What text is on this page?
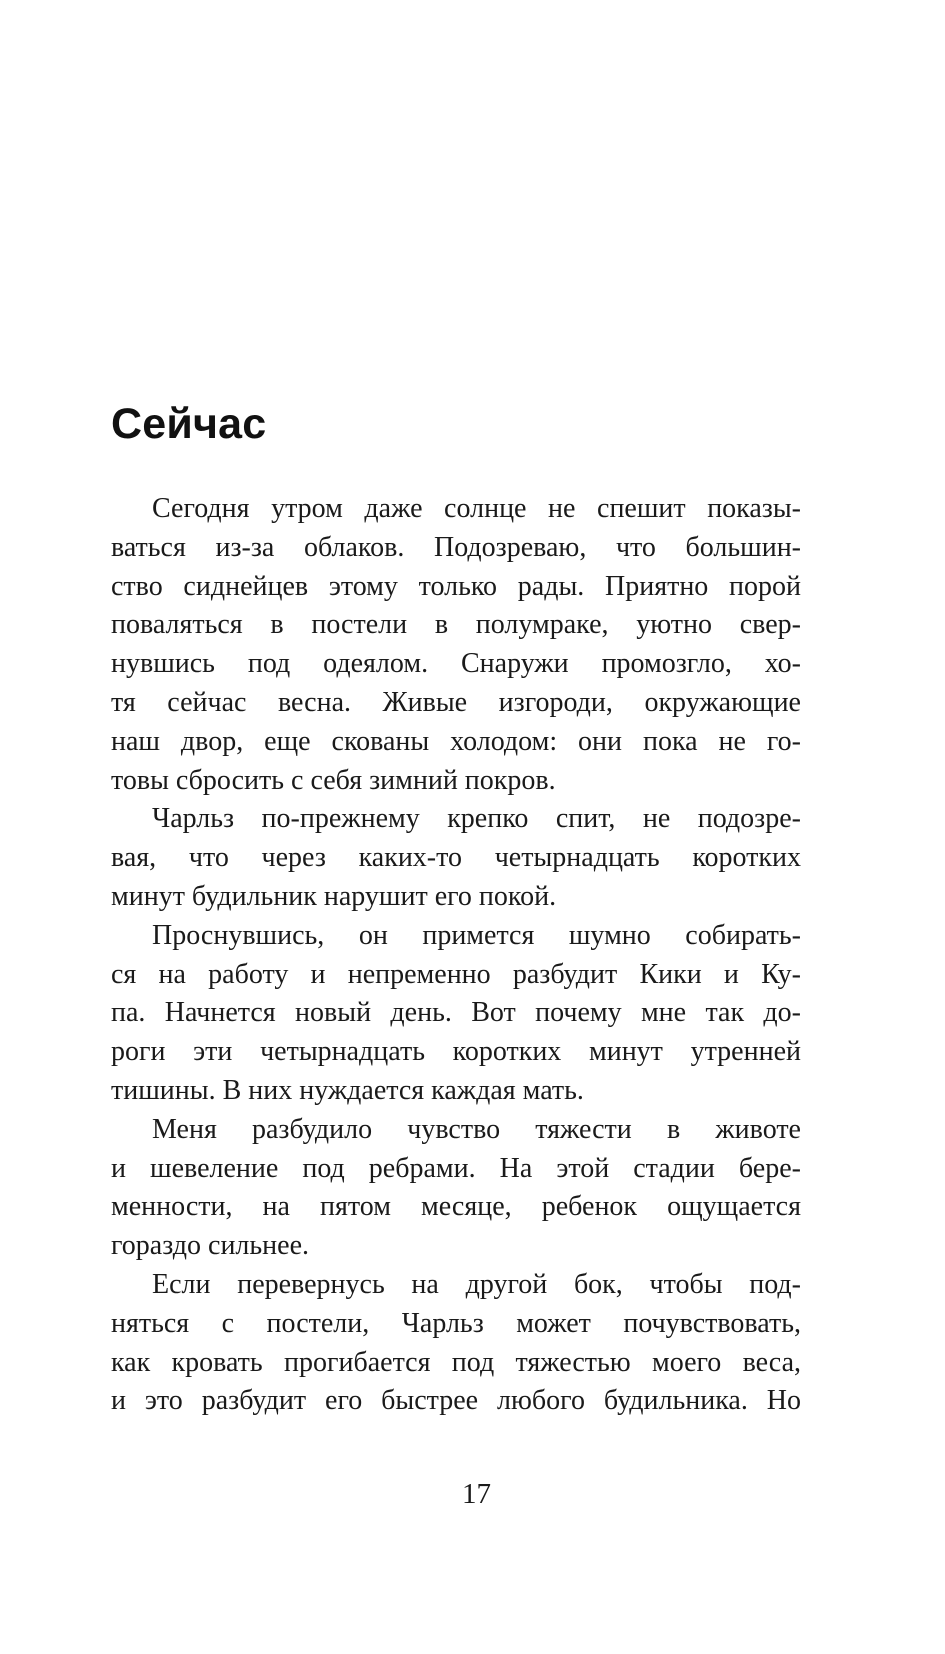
Сейчас

Сегодня утром даже солнце не спешит показы-
ваться из-за облаков. Подозреваю, что большин-
ство сиднейцев этому только рады. Приятно порой
поваляться в постели в полумраке, уютно свер-
нувшись под одеялом. Снаружи промозгло, хо-
тя сейчас весна. Живые изгороди, окружающие
наш двор, еще скованы холодом: они пока не го-
товы сбросить с себя зимний покров.

Чарльз по-прежнему крепко спит, не подозре-
вая, что через каких-то четырнадцать коротких
минут будильник нарушит его покой.

Проснувшись, он примется шумно собирать-
ся на работу и непременно разбудит Кики и Ку-
па. Начнется новый день. Вот почему мне так до-
роги эти четырнадцать коротких минут утренней
тишины. В них нуждается каждая мать.

Меня разбудило чувство тяжести в животе
и шевеление под ребрами. На этой стадии бере-
менности, на пятом месяце, ребенок ощущается
гораздо сильнее.

Если перевернусь на другой бок, чтобы под-
няться с постели, Чарльз может почувствовать,
как кровать прогибается под тяжестью моего веса,
и это разбудит его быстрее любого будильника. Но

17
